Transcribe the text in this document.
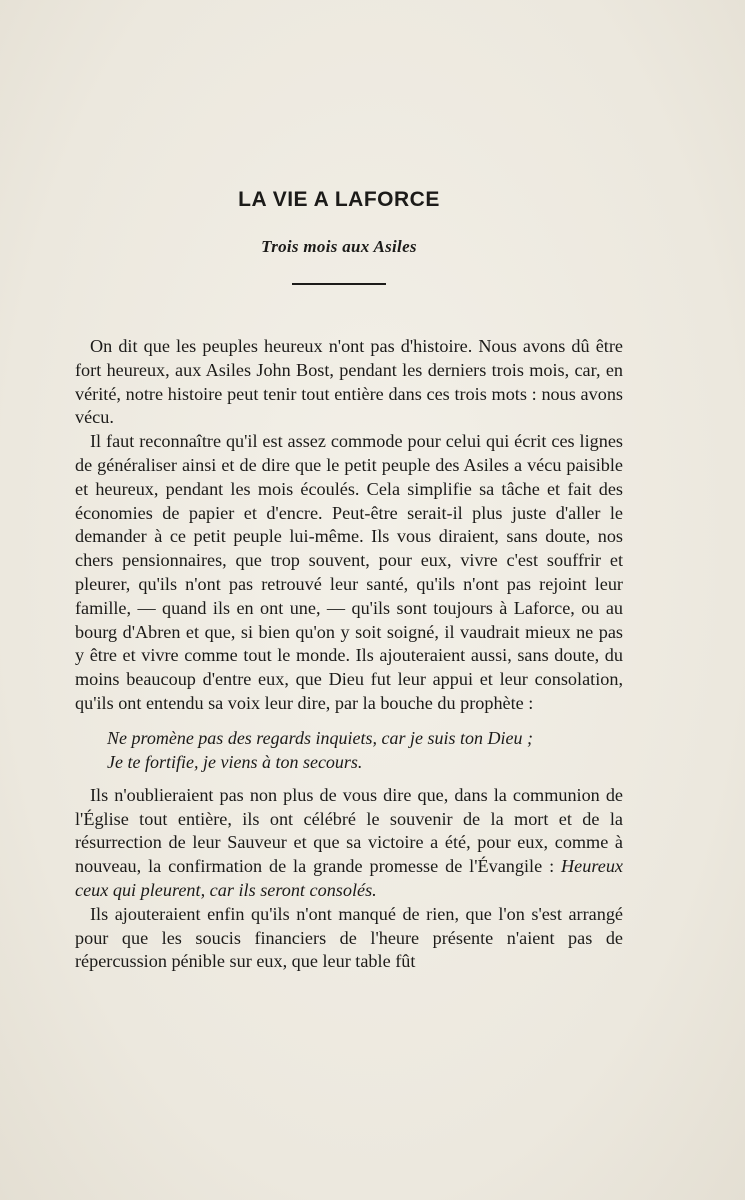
LA VIE A LAFORCE
Trois mois aux Asiles

On dit que les peuples heureux n'ont pas d'histoire. Nous avons dû être fort heureux, aux Asiles John Bost, pendant les derniers trois mois, car, en vérité, notre histoire peut tenir tout entière dans ces trois mots : nous avons vécu.

Il faut reconnaître qu'il est assez commode pour celui qui écrit ces lignes de généraliser ainsi et de dire que le petit peuple des Asiles a vécu paisible et heureux, pendant les mois écoulés. Cela simplifie sa tâche et fait des économies de papier et d'encre. Peut-être serait-il plus juste d'aller le demander à ce petit peuple lui-même. Ils vous diraient, sans doute, nos chers pensionnaires, que trop souvent, pour eux, vivre c'est souffrir et pleurer, qu'ils n'ont pas retrouvé leur santé, qu'ils n'ont pas rejoint leur famille, — quand ils en ont une, — qu'ils sont toujours à Laforce, ou au bourg d'Abren et que, si bien qu'on y soit soigné, il vaudrait mieux ne pas y être et vivre comme tout le monde. Ils ajouteraient aussi, sans doute, du moins beaucoup d'entre eux, que Dieu fut leur appui et leur consolation, qu'ils ont entendu sa voix leur dire, par la bouche du prophète :

Ne promène pas des regards inquiets, car je suis ton Dieu ;
Je te fortifie, je viens à ton secours.

Ils n'oublieraient pas non plus de vous dire que, dans la communion de l'Église tout entière, ils ont célébré le souvenir de la mort et de la résurrection de leur Sauveur et que sa victoire a été, pour eux, comme à nouveau, la confirmation de la grande promesse de l'Évangile : Heureux ceux qui pleurent, car ils seront consolés.

Ils ajouteraient enfin qu'ils n'ont manqué de rien, que l'on s'est arrangé pour que les soucis financiers de l'heure présente n'aient pas de répercussion pénible sur eux, que leur table fût
